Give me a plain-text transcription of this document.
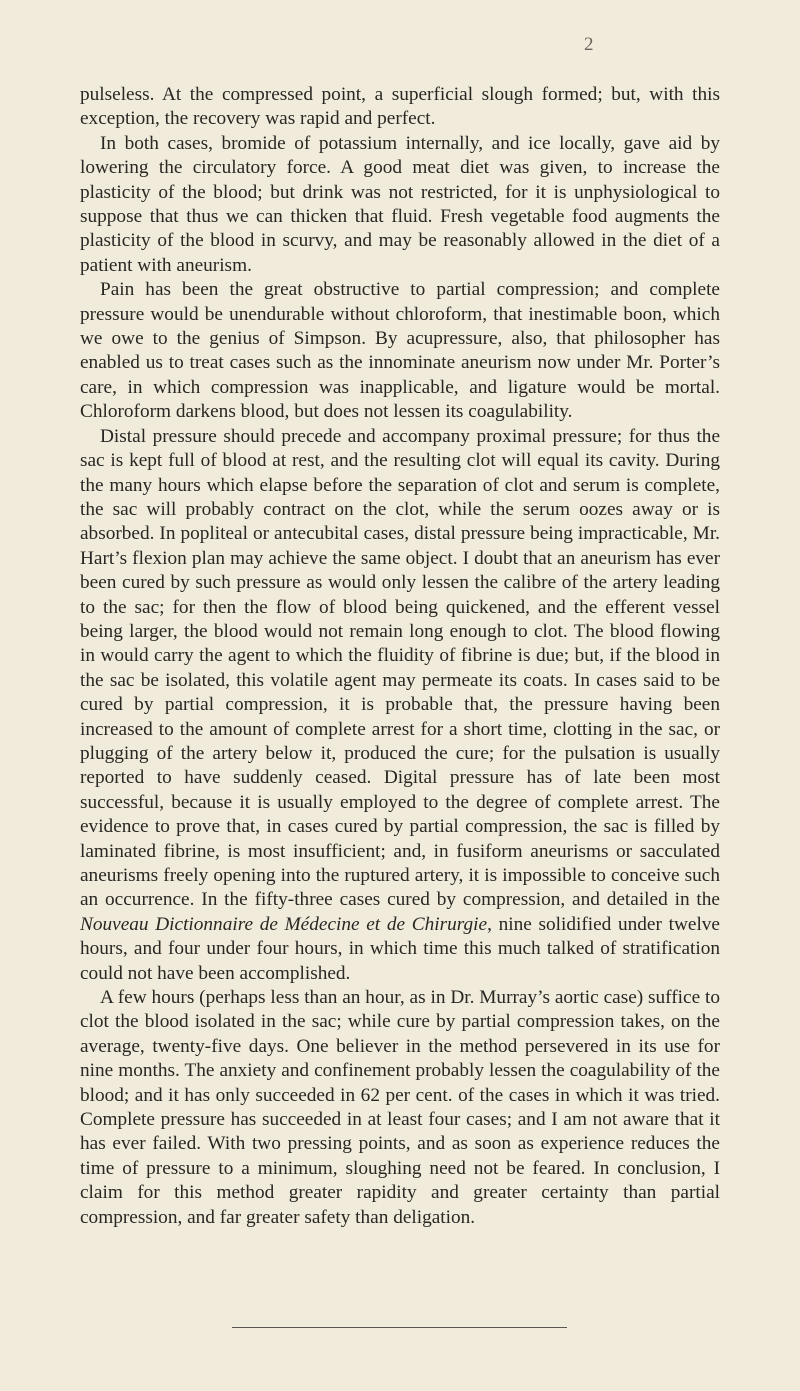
2

pulseless. At the compressed point, a superficial slough formed; but, with this exception, the recovery was rapid and perfect.

In both cases, bromide of potassium internally, and ice locally, gave aid by lowering the circulatory force. A good meat diet was given, to increase the plasticity of the blood; but drink was not restricted, for it is unphysiological to suppose that thus we can thicken that fluid. Fresh vegetable food augments the plasticity of the blood in scurvy, and may be reasonably allowed in the diet of a patient with aneurism.

Pain has been the great obstructive to partial compression; and complete pressure would be unendurable without chloroform, that inestimable boon, which we owe to the genius of Simpson. By acupressure, also, that philosopher has enabled us to treat cases such as the innominate aneurism now under Mr. Porter’s care, in which compression was inapplicable, and ligature would be mortal. Chloroform darkens blood, but does not lessen its coagulability.

Distal pressure should precede and accompany proximal pressure; for thus the sac is kept full of blood at rest, and the resulting clot will equal its cavity. During the many hours which elapse before the separation of clot and serum is complete, the sac will probably contract on the clot, while the serum oozes away or is absorbed. In popliteal or antecubital cases, distal pressure being impracticable, Mr. Hart’s flexion plan may achieve the same object. I doubt that an aneurism has ever been cured by such pressure as would only lessen the calibre of the artery leading to the sac; for then the flow of blood being quickened, and the efferent vessel being larger, the blood would not remain long enough to clot. The blood flowing in would carry the agent to which the fluidity of fibrine is due; but, if the blood in the sac be isolated, this volatile agent may permeate its coats. In cases said to be cured by partial compression, it is probable that, the pressure having been increased to the amount of complete arrest for a short time, clotting in the sac, or plugging of the artery below it, produced the cure; for the pulsation is usually reported to have suddenly ceased. Digital pressure has of late been most successful, because it is usually employed to the degree of complete arrest. The evidence to prove that, in cases cured by partial compression, the sac is filled by laminated fibrine, is most insufficient; and, in fusiform aneurisms or sacculated aneurisms freely opening into the ruptured artery, it is impossible to conceive such an occurrence. In the fifty-three cases cured by compression, and detailed in the Nouveau Dictionnaire de Médecine et de Chirurgie, nine solidified under twelve hours, and four under four hours, in which time this much talked of stratification could not have been accomplished.

A few hours (perhaps less than an hour, as in Dr. Murray’s aortic case) suffice to clot the blood isolated in the sac; while cure by partial compression takes, on the average, twenty-five days. One believer in the method persevered in its use for nine months. The anxiety and confinement probably lessen the coagulability of the blood; and it has only succeeded in 62 per cent. of the cases in which it was tried. Complete pressure has succeeded in at least four cases; and I am not aware that it has ever failed. With two pressing points, and as soon as experience reduces the time of pressure to a minimum, sloughing need not be feared. In conclusion, I claim for this method greater rapidity and greater certainty than partial compression, and far greater safety than deligation.
